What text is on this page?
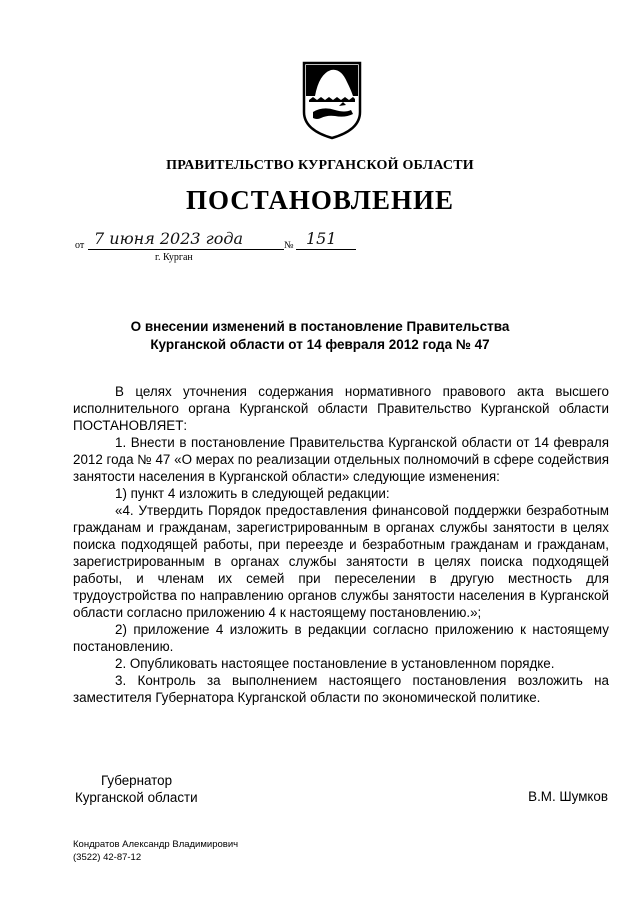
ПРАВИТЕЛЬСТВО КУРГАНСКОЙ ОБЛАСТИ
ПОСТАНОВЛЕНИЕ
от 7 июня 2023 года	№ 151
г. Курган
О внесении изменений в постановление Правительства
Курганской области от 14 февраля 2012 года № 47

В целях уточнения содержания нормативного правового акта высшего исполнительного органа Курганской области Правительство Курганской области ПОСТАНОВЛЯЕТ:

1. Внести в постановление Правительства Курганской области от 14 февраля 2012 года № 47 «О мерах по реализации отдельных полномочий в сфере содействия занятости населения в Курганской области» следующие изменения:

1) пункт 4 изложить в следующей редакции:

«4. Утвердить Порядок предоставления финансовой поддержки безработным гражданам и гражданам, зарегистрированным в органах службы занятости в целях поиска подходящей работы, при переезде и безработным гражданам и гражданам, зарегистрированным в органах службы занятости в целях поиска подходящей работы, и членам их семей при переселении в другую местность для трудоустройства по направлению органов службы занятости населения в Курганской области согласно приложению 4 к настоящему постановлению.»;

2) приложение 4 изложить в редакции согласно приложению к настоящему постановлению.

2. Опубликовать настоящее постановление в установленном порядке.

3. Контроль за выполнением настоящего постановления возложить на заместителя Губернатора Курганской области по экономической политике.

Губернатор
Курганской области	В.М. Шумков
Кондратов Александр Владимирович
(3522) 42-87-12
